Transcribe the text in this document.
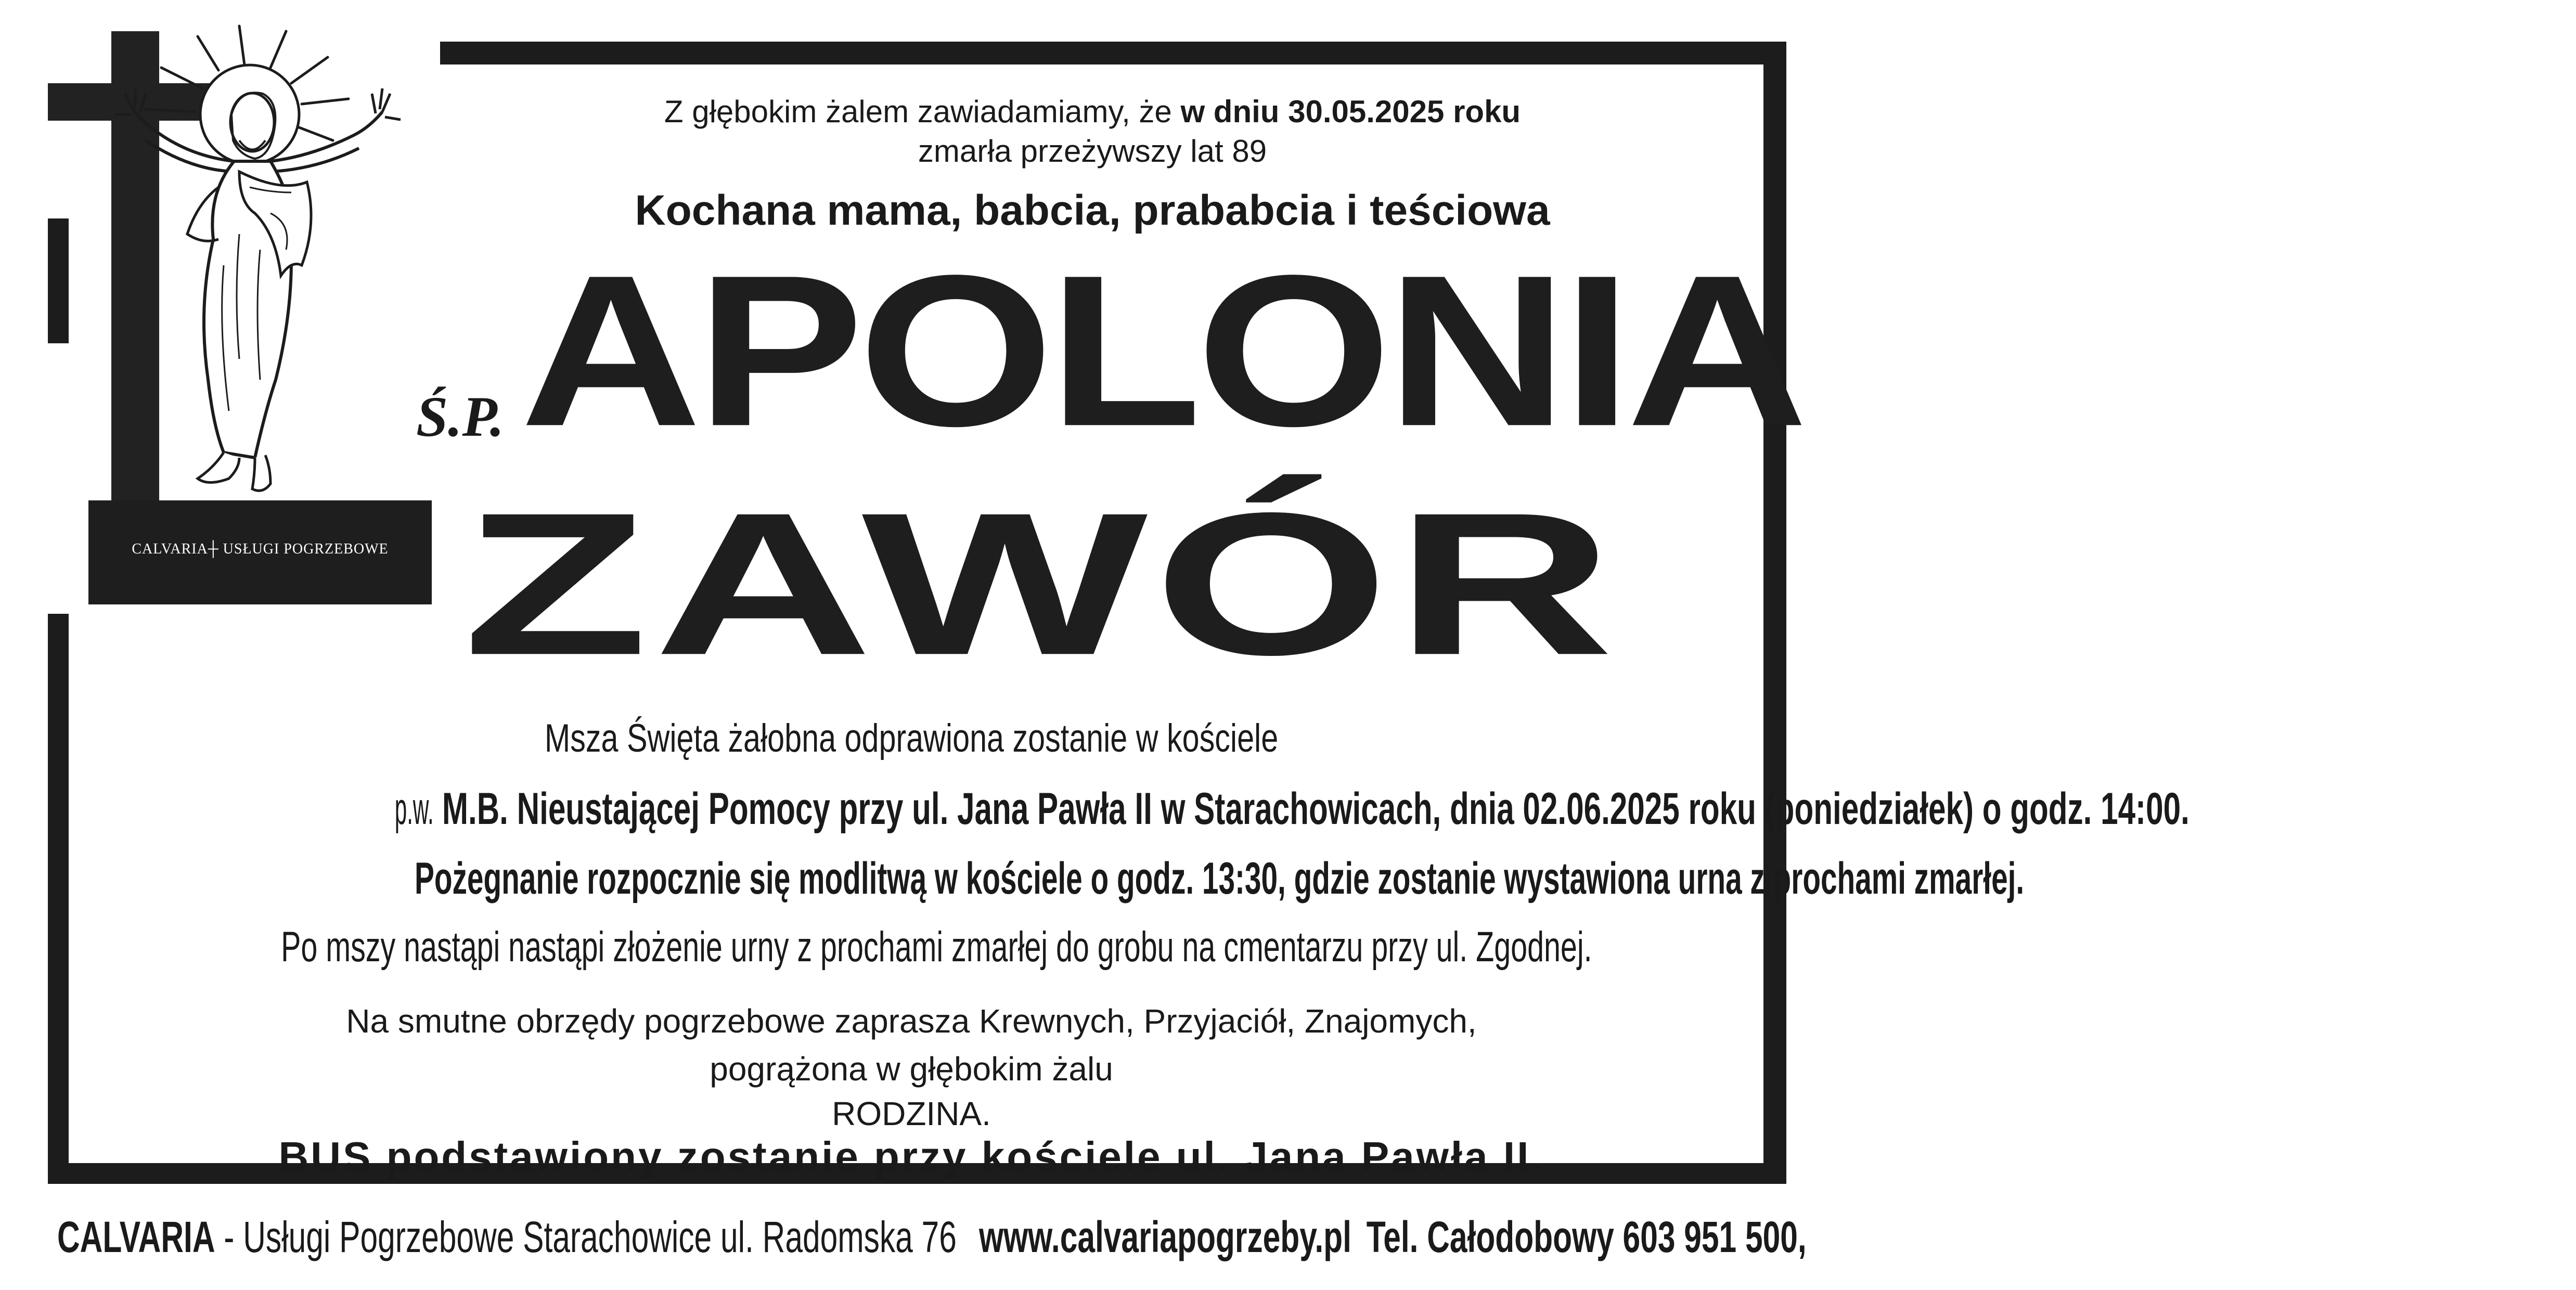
CALVARIA┼ USŁUGI POGRZEBOWE
Z głębokim żalem zawiadamiamy, że w dniu 30.05.2025 roku
zmarła przeżywszy lat 89
Kochana mama, babcia, prababcia i teściowa
Ś.P. APOLONIA
ZAWÓR
Msza Święta żałobna odprawiona zostanie w kościele
p.w.M.B. Nieustającej Pomocy przy ul. Jana Pawła II w Starachowicach, dnia 02.06.2025 roku (poniedziałek) o godz. 14:00.
Pożegnanie rozpocznie się modlitwą w kościele o godz. 13:30, gdzie zostanie wystawiona urna z prochami zmarłej.
Po mszy nastąpi nastąpi złożenie urny z prochami zmarłej do grobu na cmentarzu przy ul. Zgodnej.
Na smutne obrzędy pogrzebowe zaprasza Krewnych, Przyjaciół, Znajomych,
pogrążona w głębokim żalu
RODZINA.
BUS podstawiony zostanie przy kościele ul. Jana Pawła II.
CALVARIA - Usługi Pogrzebowe Starachowice ul. Radomska 76 www.calvariapogrzeby.pl Tel. Całodobowy 603 951 500,
